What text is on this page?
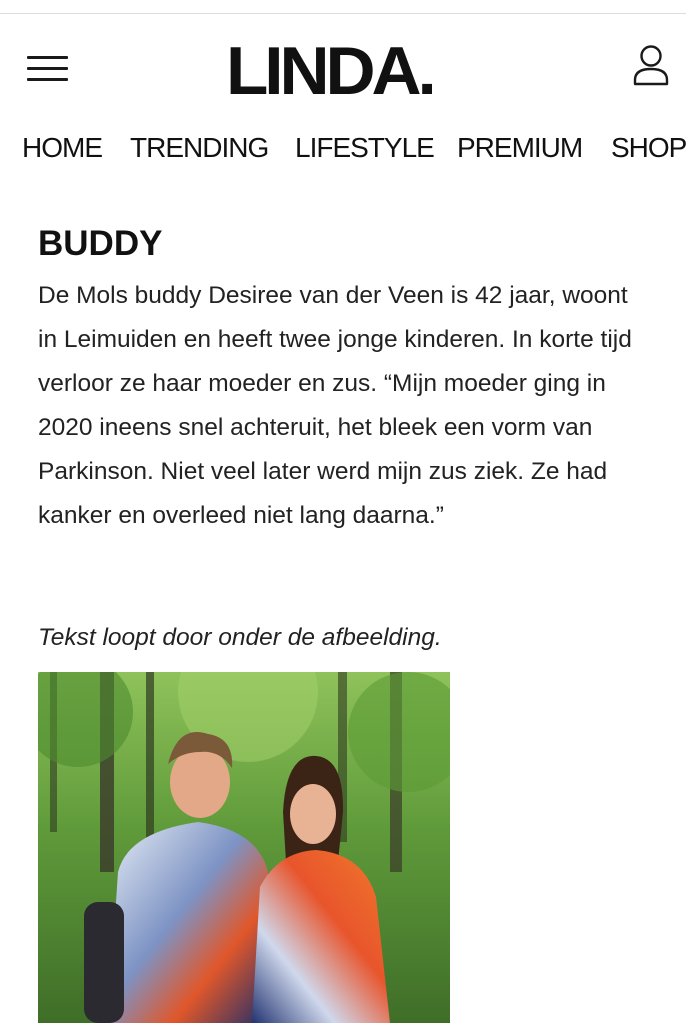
LINDA.
HOME TRENDING LIFESTYLE PREMIUM SHOP
BUDDY

De Mols buddy Desiree van der Veen is 42 jaar, woont in Leimuiden en heeft twee jonge kinderen. In korte tijd verloor ze haar moeder en zus. “Mijn moeder ging in 2020 ineens snel achteruit, het bleek een vorm van Parkinson. Niet veel later werd mijn zus ziek. Ze had kanker en overleed niet lang daarna.”

Tekst loopt door onder de afbeelding.
